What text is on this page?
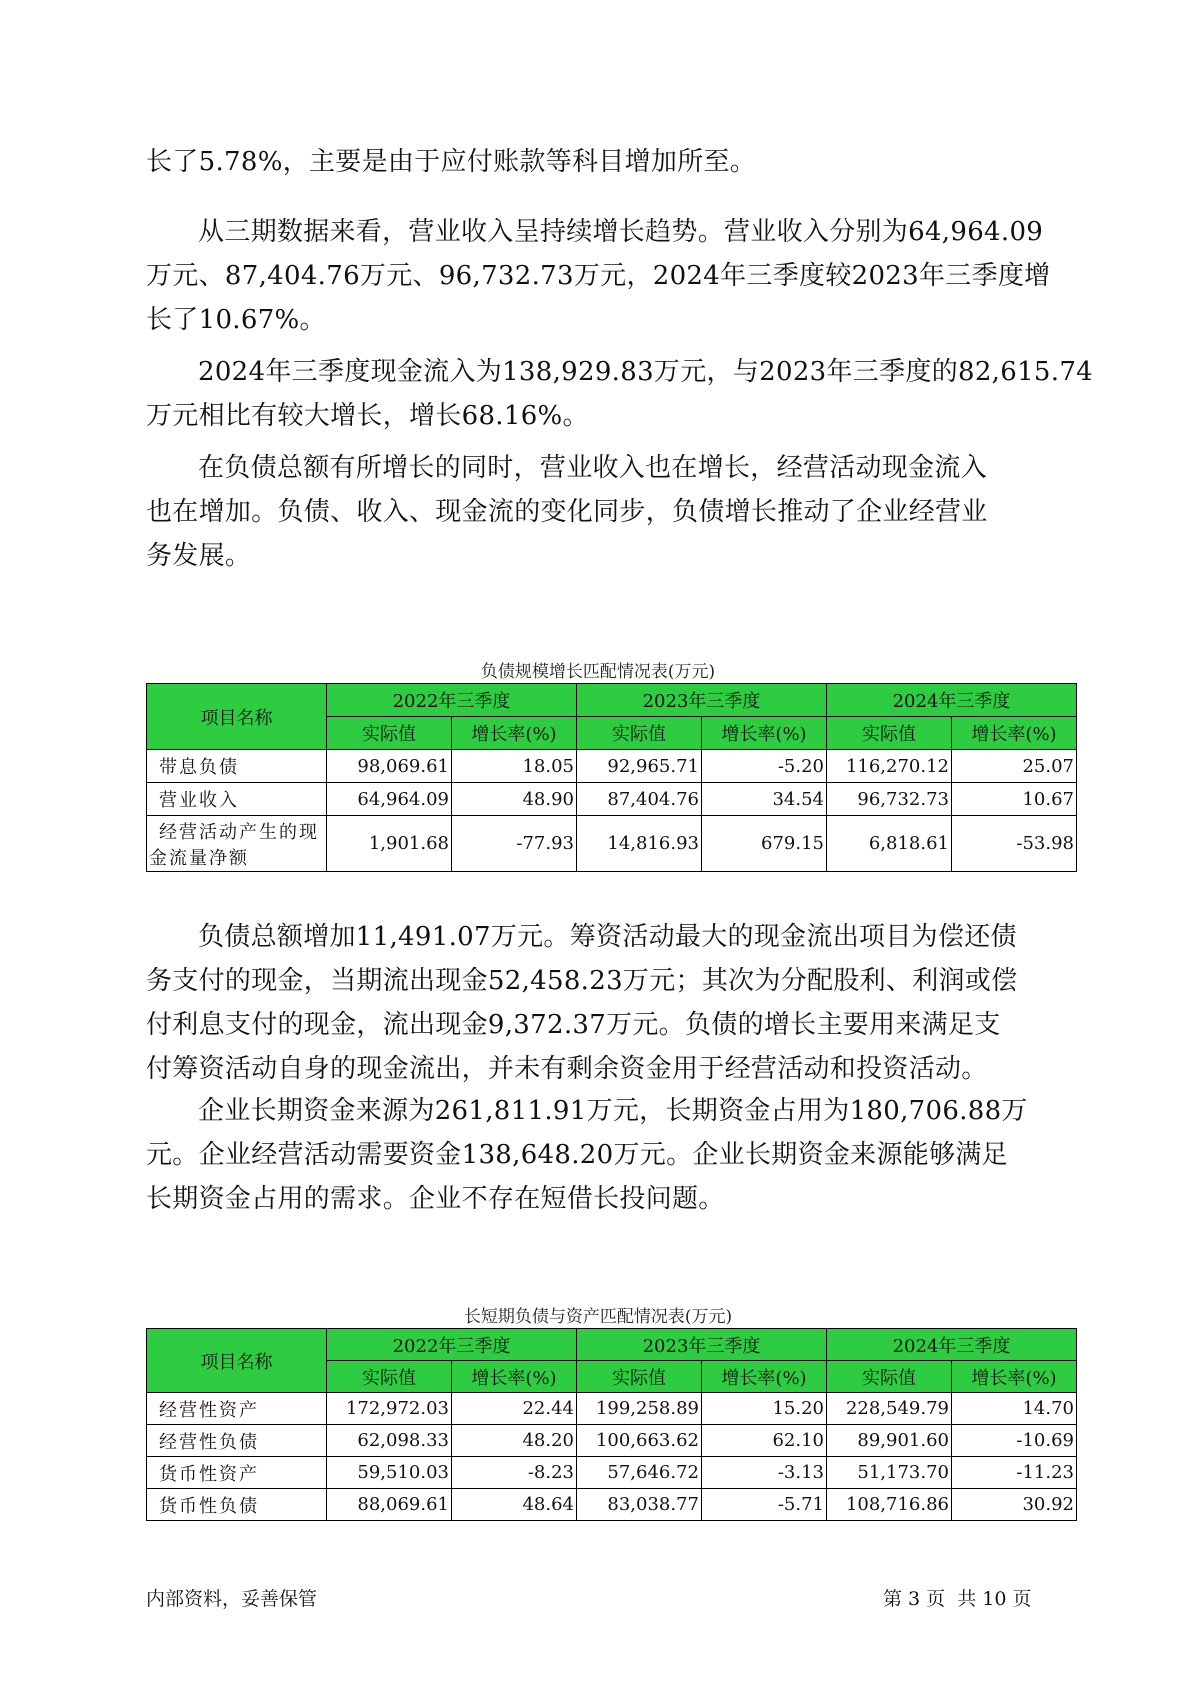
长了5.78%，主要是由于应付账款等科目增加所至。
从三期数据来看，营业收入呈持续增长趋势。营业收入分别为64,964.09
万元、87,404.76万元、96,732.73万元，2024年三季度较2023年三季度增
长了10.67%。
2024年三季度现金流入为138,929.83万元，与2023年三季度的82,615.74
万元相比有较大增长，增长68.16%。
在负债总额有所增长的同时，营业收入也在增长，经营活动现金流入
也在增加。负债、收入、现金流的变化同步，负债增长推动了企业经营业
务发展。
负债总额增加11,491.07万元。筹资活动最大的现金流出项目为偿还债
务支付的现金，当期流出现金52,458.23万元；其次为分配股利、利润或偿
付利息支付的现金，流出现金9,372.37万元。负债的增长主要用来满足支
付筹资活动自身的现金流出，并未有剩余资金用于经营活动和投资活动。
企业长期资金来源为261,811.91万元，长期资金占用为180,706.88万
元。企业经营活动需要资金138,648.20万元。企业长期资金来源能够满足
长期资金占用的需求。企业不存在短借长投问题。
负债规模增长匹配情况表(万元)
项目名称	2022年三季度		2023年三季度		2024年三季度	
	实际值	增长率(%)	实际值	增长率(%)	实际值	增长率(%)

带息负债	98,069.61	18.05	92,965.71	-5.20	116,270.12	25.07

营业收入	64,964.09	48.90	87,404.76	34.54	96,732.73	10.67

经营活动产生的现
金流量净额	1,901.68	-77.93	14,816.93	679.15	6,818.61	-53.98
长短期负债与资产匹配情况表(万元)
项目名称	2022年三季度		2023年三季度		2024年三季度	
	实际值	增长率(%)	实际值	增长率(%)	实际值	增长率(%)

经营性资产	172,972.03	22.44	199,258.89	15.20	228,549.79	14.70

经营性负债	62,098.33	48.20	100,663.62	62.10	89,901.60	-10.69

货币性资产	59,510.03	-8.23	57,646.72	-3.13	51,173.70	-11.23

货币性负债	88,069.61	48.64	83,038.77	-5.71	108,716.86	30.92
内部资料，妥善保管	第 3 页  共 10 页
